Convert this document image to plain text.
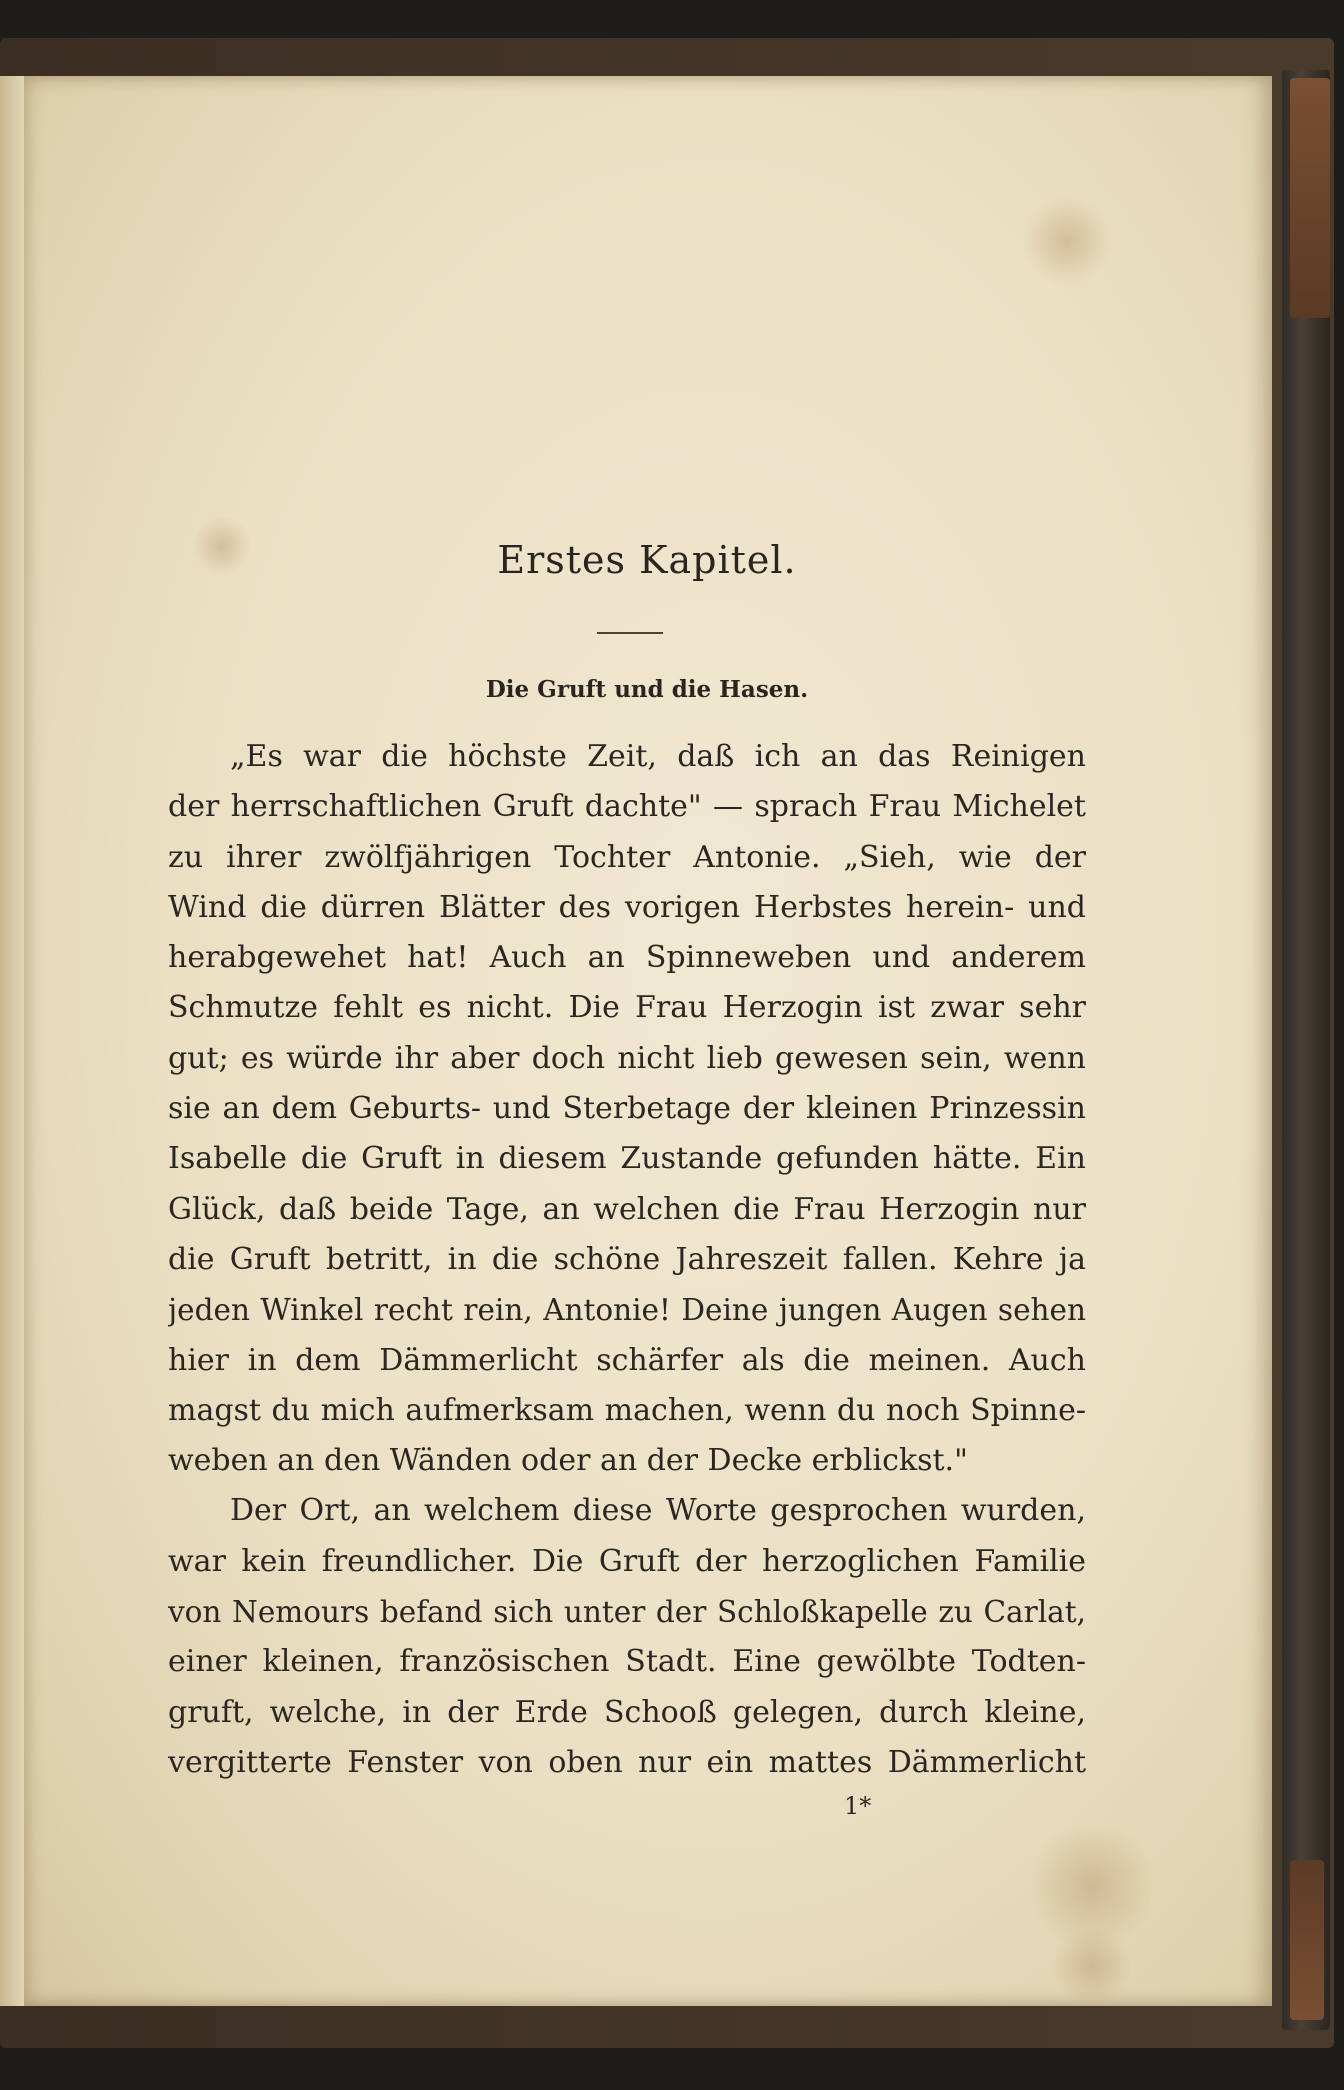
Erstes Kapitel.
Die Gruft und die Hasen.
„Es war die höchste Zeit, daß ich an das Reinigen
der herrschaftlichen Gruft dachte" — sprach Frau Michelet
zu ihrer zwölfjährigen Tochter Antonie. „Sieh, wie der
Wind die dürren Blätter des vorigen Herbstes herein- und
herabgewehet hat! Auch an Spinneweben und anderem
Schmutze fehlt es nicht. Die Frau Herzogin ist zwar sehr
gut; es würde ihr aber doch nicht lieb gewesen sein, wenn
sie an dem Geburts- und Sterbetage der kleinen Prinzessin
Isabelle die Gruft in diesem Zustande gefunden hätte. Ein
Glück, daß beide Tage, an welchen die Frau Herzogin nur
die Gruft betritt, in die schöne Jahreszeit fallen. Kehre ja
jeden Winkel recht rein, Antonie! Deine jungen Augen sehen
hier in dem Dämmerlicht schärfer als die meinen. Auch
magst du mich aufmerksam machen, wenn du noch Spinne-
weben an den Wänden oder an der Decke erblickst."
Der Ort, an welchem diese Worte gesprochen wurden,
war kein freundlicher. Die Gruft der herzoglichen Familie
von Nemours befand sich unter der Schloßkapelle zu Carlat,
einer kleinen, französischen Stadt. Eine gewölbte Todten-
gruft, welche, in der Erde Schooß gelegen, durch kleine,
vergitterte Fenster von oben nur ein mattes Dämmerlicht
1*
